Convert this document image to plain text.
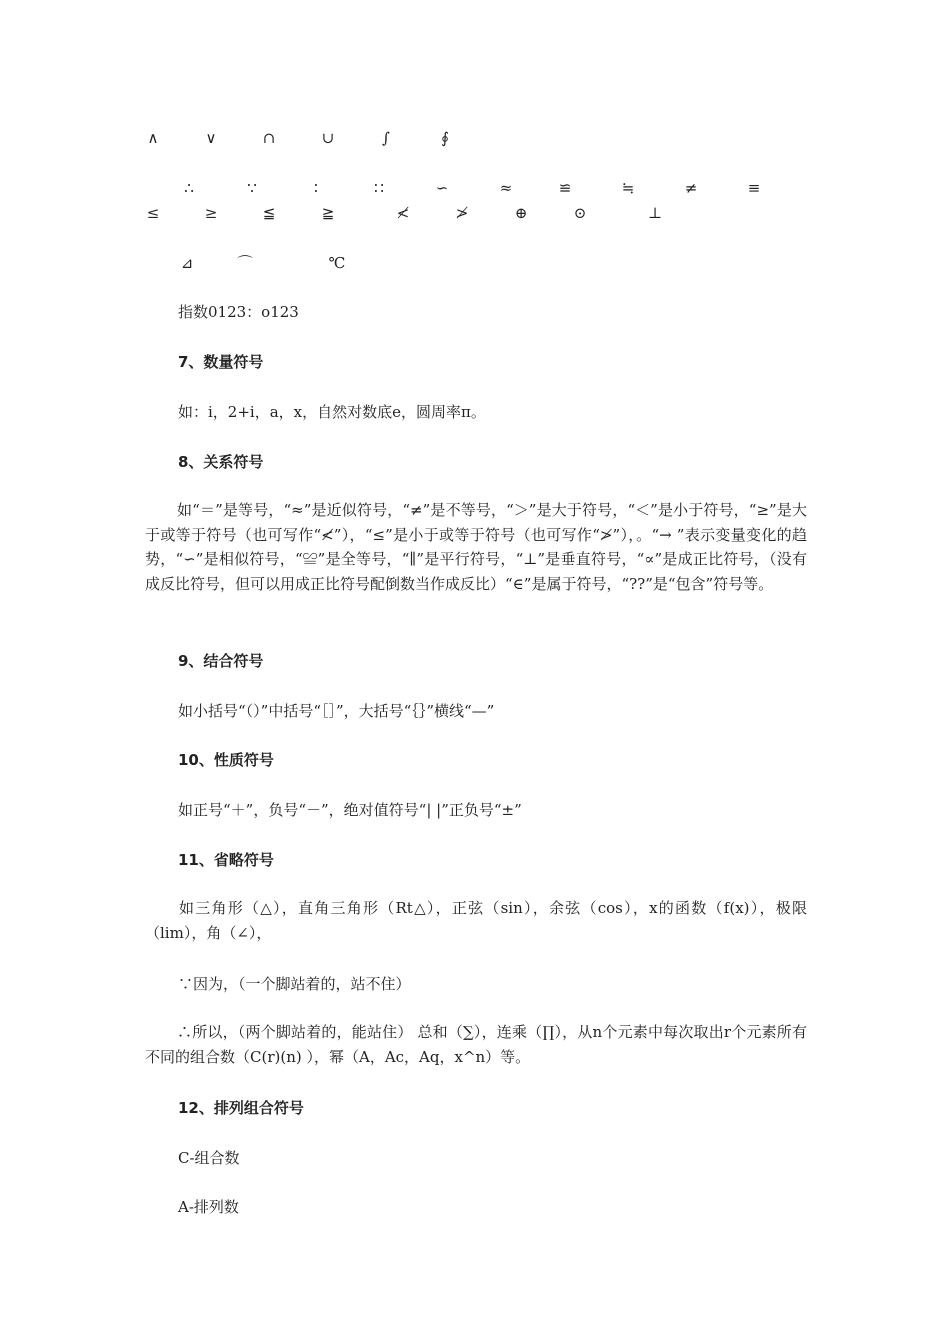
∧	∨	∩	∪	∫	∮
∴	∵	∶	∷	∽	≈	≌	≒	≠	≡
≤	≥	≦	≧	≮	≯	⊕	⊙	⊥
⊿	⌒	℃
指数0123：o123
7、数量符号
如：i，2+i，a，x，自然对数底e，圆周率π。
8、关系符号
如“＝”是等号，“≈”是近似符号，“≠”是不等号，“＞”是大于符号，“＜”是小于符号，“≥”是大于或等于符号（也可写作“≮”），“≤”是小于或等于符号（也可写作“≯”），。“→ ”表示变量变化的趋势，“∽”是相似符号，“≌”是全等号，“∥”是平行符号，“⊥”是垂直符号，“∝”是成正比符号，（没有成反比符号，但可以用成正比符号配倒数当作成反比）“∈”是属于符号，“??”是“包含”符号等。
9、结合符号
如小括号“（）”中括号“［］”，大括号“｛｝”横线“—”
10、性质符号
如正号“＋”，负号“－”，绝对值符号“| |”正负号“±”
11、省略符号
如三角形（△），直角三角形（Rt△），正弦（sin），余弦（cos），x的函数（f(x)），极限（lim），角（∠），
∵因为，（一个脚站着的，站不住）
∴所以，（两个脚站着的，能站住） 总和（∑），连乘（∏），从n个元素中每次取出r个元素所有不同的组合数（C(r)(n) ），幂（A，Ac，Aq，x^n）等。
12、排列组合符号
C-组合数
A-排列数
